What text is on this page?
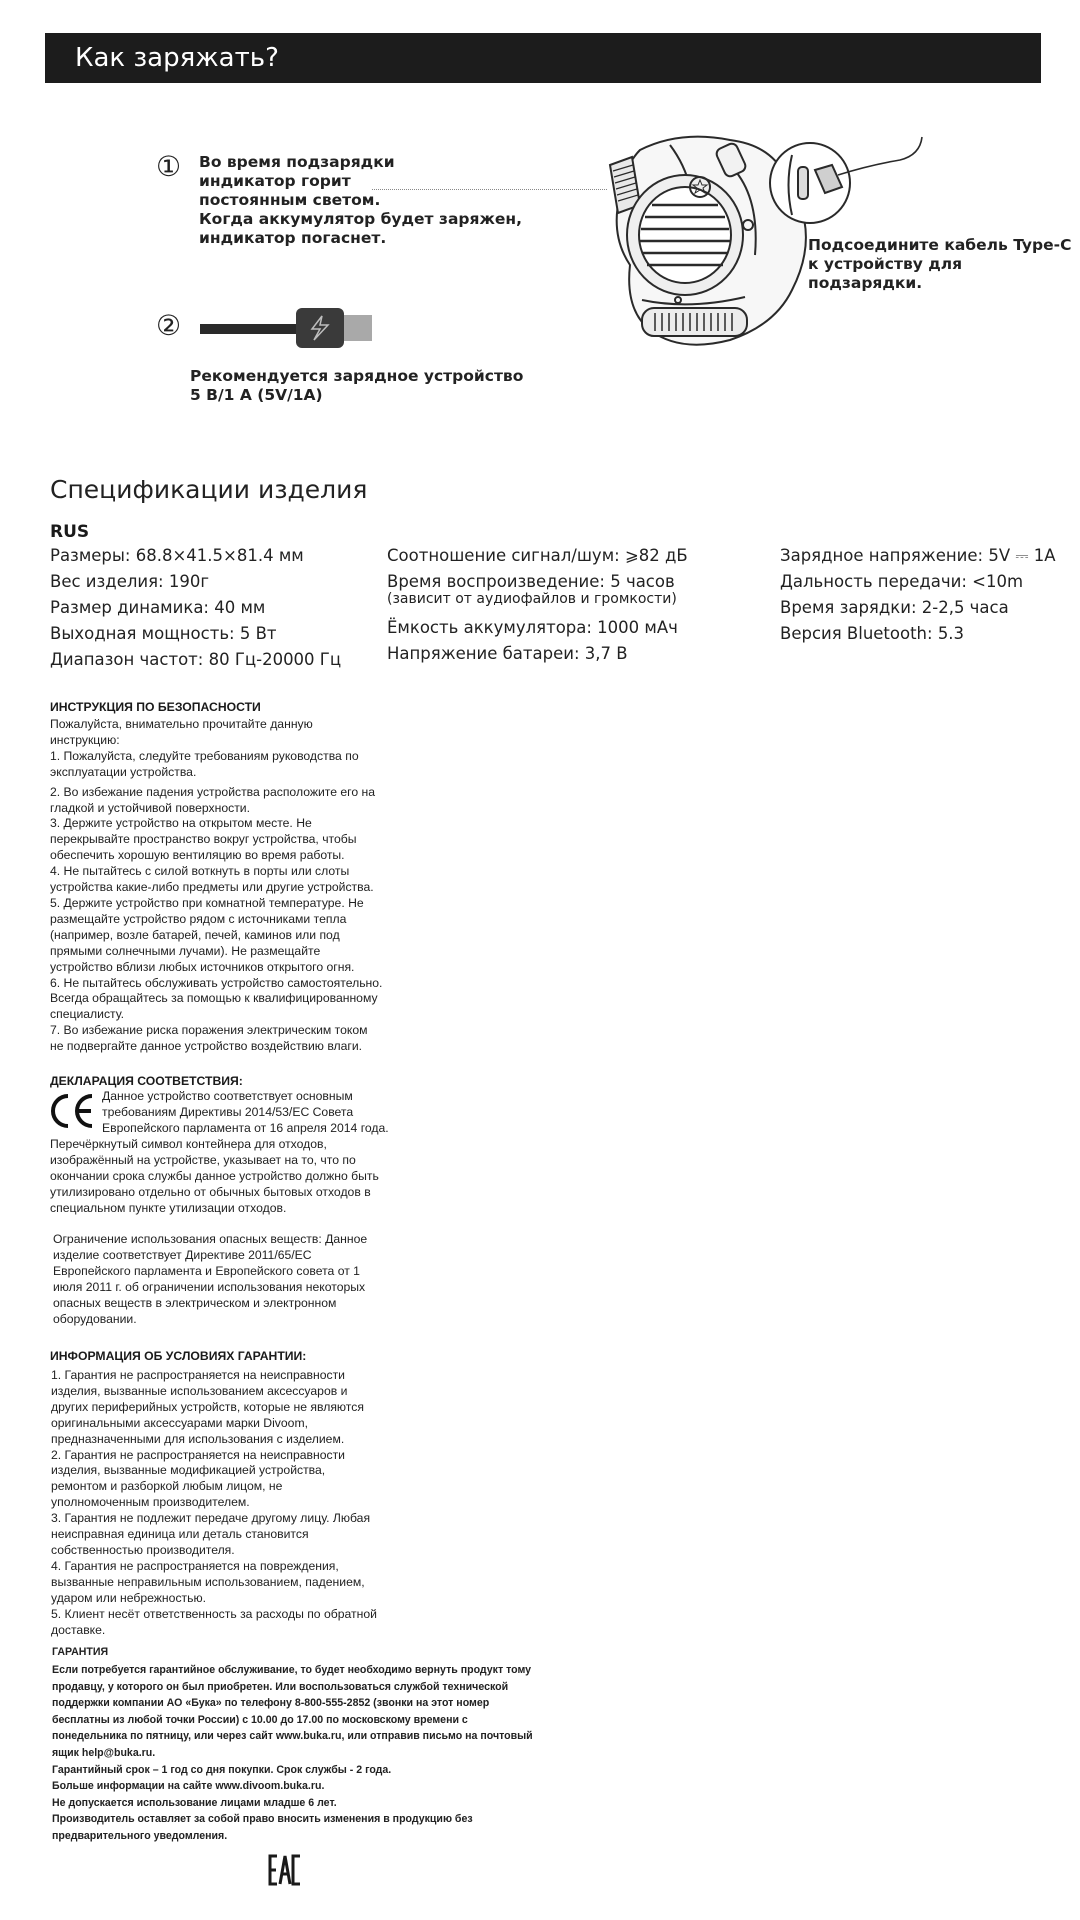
Как заряжать?
① Во время подзарядки
индикатор горит
постоянным светом.
Когда аккумулятор будет заряжен,
индикатор погаснет.	Подсоедините кабель Type-C
к устройству для подзарядки.
②
Рекомендуется зарядное устройство
5 В/1 А (5V/1A)
Спецификации изделия
RUS
Размеры: 68.8×41.5×81.4 мм
Вес изделия: 190г
Размер динамика: 40 мм
Выходная мощность: 5 Вт
Диапазон частот: 80 Гц-20000 Гц
Соотношение сигнал/шум: ⩾82 дБ
Время воспроизведение: 5 часов
(зависит от аудиофайлов и громкости)
Ёмкость аккумулятора: 1000 мАч
Напряжение батареи: 3,7 В
Зарядное напряжение: 5V ⎓ 1A
Дальность передачи: <10m
Время зарядки: 2-2,5 часа
Версия Bluetooth: 5.3
ИНСТРУКЦИЯ ПО БЕЗОПАСНОСТИ

Пожалуйста, внимательно прочитайте данную

инструкцию:

1. Пожалуйста, следуйте требованиям руководства по

эксплуатации устройства.

2. Во избежание падения устройства расположите его на

гладкой и устойчивой поверхности.

3. Держите устройство на открытом месте. Не

перекрывайте пространство вокруг устройства, чтобы

обеспечить хорошую вентиляцию во время работы.

4. Не пытайтесь с силой воткнуть в порты или слоты

устройства какие-либо предметы или другие устройства.

5. Держите устройство при комнатной температуре. Не

размещайте устройство рядом с источниками тепла

(например, возле батарей, печей, каминов или под

прямыми солнечными лучами). Не размещайте

устройство вблизи любых источников открытого огня.

6. Не пытайтесь обслуживать устройство самостоятельно.

Всегда обращайтесь за помощью к квалифицированному

специалисту.

7. Во избежание риска поражения электрическим током

не подвергайте данное устройство воздействию влаги.

ДЕКЛАРАЦИЯ СООТВЕТСТВИЯ:

Данное устройство соответствует основным

требованиям Директивы 2014/53/ЕС Совета

Европейского парламента от 16 апреля 2014 года.

Перечёркнутый символ контейнера для отходов,

изображённый на устройстве, указывает на то, что по

окончании срока службы данное устройство должно быть

утилизировано отдельно от обычных бытовых отходов в

специальном пункте утилизации отходов.

Ограничение использования опасных веществ: Данное

изделие соответствует Директиве 2011/65/ЕС

Европейского парламента и Европейского совета от 1

июля 2011 г. об ограничении использования некоторых

опасных веществ в электрическом и электронном

оборудовании.

ИНФОРМАЦИЯ ОБ УСЛОВИЯХ ГАРАНТИИ:

1. Гарантия не распространяется на неисправности

изделия, вызванные использованием аксессуаров и

других периферийных устройств, которые не являются

оригинальными аксессуарами марки Divoom,

предназначенными для использования с изделием.

2. Гарантия не распространяется на неисправности

изделия, вызванные модификацией устройства,

ремонтом и разборкой любым лицом, не

уполномоченным производителем.

3. Гарантия не подлежит передаче другому лицу. Любая

неисправная единица или деталь становится

собственностью производителя.

4. Гарантия не распространяется на повреждения,

вызванные неправильным использованием, падением,

ударом или небрежностью.

5. Клиент несёт ответственность за расходы по обратной

доставке.

ГАРАНТИЯ

Если потребуется гарантийное обслуживание, то будет необходимо вернуть продукт тому

продавцу, у которого он был приобретен. Или воспользоваться службой технической

поддержки компании АО «Бука» по телефону 8-800-555-2852 (звонки на этот номер

бесплатны из любой точки России) с 10.00 до 17.00 по московскому времени с

понедельника по пятницу, или через сайт www.buka.ru, или отправив письмо на почтовый

ящик help@buka.ru.

Гарантийный срок – 1 год со дня покупки. Срок службы - 2 года.

Больше информации на сайте www.divoom.buka.ru.

Не допускается использование лицами младше 6 лет.

Производитель оставляет за собой право вносить изменения в продукцию без

предварительного уведомления.
